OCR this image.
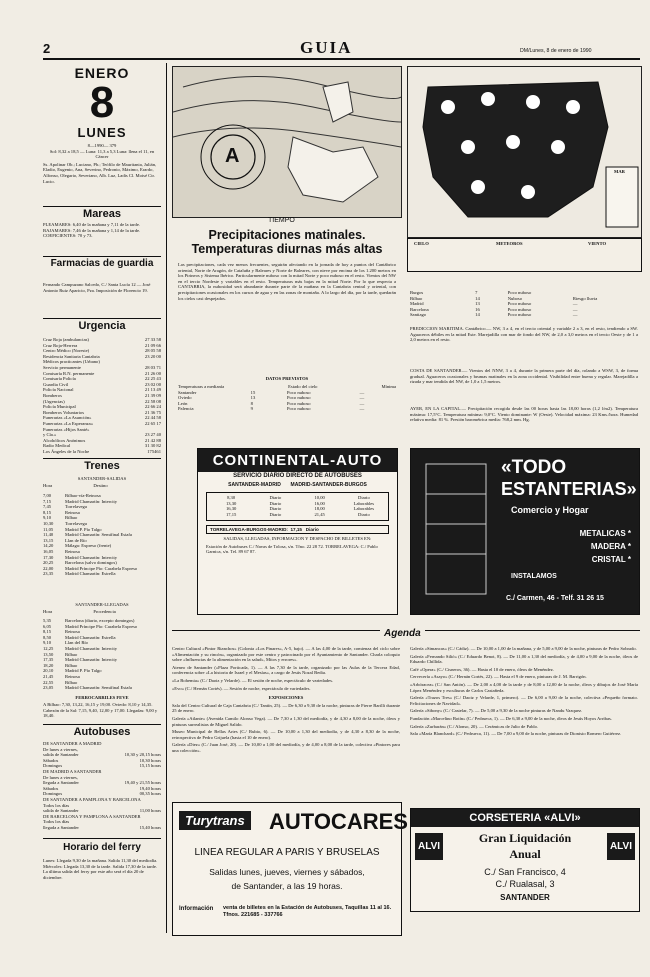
2	GUIA	DM/Lunes, 8 de enero de 1990
ENERO
8
LUNES
8—1990— 379
Sol: 8,32 a 18,5 — Luna: 11,3 a 5,3 Luna: llena el 11, en Cáncer
Ss. Apolinar Ob.; Luciano, Pb.; Teófilo de Mauritania, Julián, Eladio, Eugenio, Ana, Severino, Pedronio, Máximo, Erardo, Alfonso, Olegario, Severiano, Alb. Luz, Ladis Cl. Moisé Cir. Lucio.
Mareas
PLEAMARES: 6,40 de la mañana y 7,11 de la tarde.
BAJAMARES: 7,46 de la mañana y 1,14 de la tarde.
COEFICIENTES: 70 y 73.
Farmacias de guardia
Fernando Campuzano Salcedo, C./ Santa Lucía 12 — José Antonio Ruiz Aparicio, Pza. Imposición de Florencio 19.
Urgencia
Cruz Roja (ambulancias)	27 33 58
Cruz Roja-Herrera	21 09 66
Centro Médico (Noreste)	28 05 58
Residencia Sanitaria Cantabria	23 20 00
Médicos practicantes (Urbano)
Servicio permanente	28 03 71
Comisaría R.N. permanente	21 26 00
Comisaría Policía	22 25 43
Guardia Civil	23 02 00
Policía Nacional	21 13 49
Bomberos	21 39 09
(Urgencias)	22 58 08
Policía Municipal	22 66 24
Bomberos Voluntarios	21 36 75
Funerarias «La Asunción»	22 44 58
Funerarias «La Esperanza»	22 65 17
Funerarias «Hijos Santé»
y Cía.»	23 27 40
Alcohólicos Anónimos	21 42 88
Radio Medical	31 30 82
Los Ángeles de la Noche	175461
Trenes
SANTANDER-SALIDAS
Hora	Destino
7,00	Bilbao-vía-Reinosa
7,15	Madrid Chamartín: Intercity
7,45	Torrelavega
8,15	Reinosa
9,10	Bilbao
10,30	Torrelavega
11,05	Madrid P. Pío Talgo
11,40	Madrid Chamartín: Semifinal Estafa
13,15	Llan de Río
14,20	Málaga: Expreso (frente)
16,05	Reinosa
17,30	Madrid Chamartín: Intercity
20,25	Barcelona (salvo domingos)
22,00	Madrid Príncipe Pío: Carabela Expreso
23,35	Madrid Chamartín: Estrella
SANTANDER-LLEGADAS
Hora	Procedencia
5,35	Barcelona (diario, excepto domingos)
6,05	Madrid Príncipe Pío: Carabela Expreso
8,15	Reinosa
8,50	Madrid Chamartín: Estrella
9,10	Llan del Río
12,25	Madrid Chamartín: Intercity
13,50	Bilbao
17,35	Madrid Chamartín: Intercity
18,20	Bilbao
20,10	Madrid P. Pío Talgo
21,45	Reinosa
22,55	Bilbao
23,05	Madrid Chamartín: Semifinal Estafa
FERROCARRILES FEVE
A Bilbao: 7,30, 13,22, 16,15 y 19,00. Oviedo: 8,10 y 14,35. Cabezón de la Sal: 7,15, 9,40, 12,00 y 17,00. Llegadas: 9,00 y 18,40.
Autobuses
DE SANTANDER A MADRID
De lunes a viernes,
salida de Santander	10,30 y 20,15 horas
Sábados	10,30 horas
Domingos	15,15 horas
DE MADRID A SANTANDER
De lunes a viernes,
llegada a Santander	19,40 y 21,55 horas
Sábados	19,40 horas
Domingos	00,35 horas
DE SANTANDER A PAMPLONA Y BARCELONA
Todos los días
salida de Santander	11,00 horas
DE BARCELONA Y PAMPLONA A SANTANDER
Todos los días
llegada a Santander	15,40 horas
Horario del ferry
Lunes: Llegada 9,30 de la mañana. Salida 11,30 del mediodía.
Miércoles: Llegada 13,30 de la tarde. Salida 17,30 de la tarde.
La última salida del ferry por este año será el día 20 de diciembre.
A
TIEMPO
Precipitaciones matinales. Temperaturas diurnas más altas
Las precipitaciones, cada vez menos frecuentes, seguirán afectando en la jornada de hoy a puntos del Cantábrico oriental, Norte de Aragón, de Cataluña y Baleares y Norte de Baleares, con nieve por encima de los 1.200 metros en los Pirineos y Sistema Ibérico. Particularmente nuboso con la mitad Norte y poco nuboso en el resto. Vientos del NW en el tercio Nordeste y variables en el resto. Temperaturas más bajas en la mitad Norte. Por lo que respecta a CANTABRIA, la nubosidad será abundante durante parte de la mañana en la Cantabria central y oriental, con precipitaciones ocasionales en los cursos de agua y en las zonas de montaña. A lo largo del día, por la tarde, quedarán los cielos casi despejados.
DATOS PREVISTOS
Temperaturas a medianía	Estado del cielo	Mínima
Santander	15	Poco nuboso	—
Oviedo	13	Poco nuboso	—
León	8	Poco nuboso	—
Palencia	9	Poco nuboso	—
MAR
CIELO	METEOROS	VIENTO
Burgos	7	Poco nuboso
Bilbao	14	Nuboso	Riesgo lluvia
Madrid	13	Poco nuboso	—
Barcelona	16	Poco nuboso	—
Santiago	14	Poco nuboso	—
PREDICCION MARITIMA. Cantábrico.— NW, 3 a 4, en el tercio oriental y variable 2 a 3, en el resto, tendiendo a SW. Aguaceros débiles en la mitad Este. Marejadilla con mar de fondo del NW, de 2,0 a 3,0 metros en el tercio Oeste y de 1 a 2,0 metros en el resto.
COSTA DE SANTANDER.— Vientos del NNW, 3 a 4, durante la primera parte del día, rolando a WSW, 3, de forma gradual. Aguaceros ocasionales y brumas matinales en la zona occidental. Visibilidad entre buena y regular. Marejadilla a rizada y mar tendida del NW, de 1,0 a 1,5 metros.
AYER, EN LA CAPITAL.— Precipitación recogida desde las 00 horas hasta las 18,00 horas (1,2 l/m2). Temperatura máxima: 17,5°C. Temperatura mínima: 9,0°C. Viento dominante: W (Oeste). Velocidad máxima: 23 Kms./hora. Humedad relativa media: 81 %. Presión barométrica media: 768,2 mm. Hg.
CONTINENTAL-AUTO
SERVICIO DIARIO DIRECTO DE AUTOBUSES
SANTANDER-MADRID       MADRID-SANTANDER-BURGOS
8,30	Diario	10,00	Diario
13,30	Diario	16,00	Laborables
16,30	Diario	18,00	Laborables
17,15	Diario	21,45	Diario
TORRELAVEGA-BURGOS-MADRID:  17,15   Diario
SALIDAS, LLEGADAS, INFORMACION Y DESPACHO DE BILLETES EN:
Estación de Autobuses C./ Navas de Tolosa, s/n. Tfno. 22 28 72. TORRELAVEGA: C./ Pablo Garnica, s/n. Tel. 89 67 87.
«TODO
ESTANTERIAS»
Comercio y Hogar
METALICAS *
MADERA *
CRISTAL *
INSTALAMOS
C./ Carmen, 46 - Telf. 31 26 15
Agenda
Centro Cultural «Pintor Rianchos» (Colonia «Los Pinares», A-5, bajo). — A las 4,00 de la tarde, comienza del ciclo sobre «Alimentación y su rincón», organizado por este centro y patrocinado por el Ayuntamiento de Santander. Charla coloquio sobre «Influencias de la alimentación en la salud», Mitos y errores».
Ateneo de Santander («Plaza Porticada, 1). — A las 7,30 de la tarde, organizado por las Aulas de la Tercera Edad, conferencia sobre «La historia de Israel y el Mesías», a cargo de Jesús Nozal Bedia.
«La Bohemia» (C./ Daoiz y Velarde). — El sesión de noche, espectáculo de variedades.
«Evo» (C./ Hernán Cortés). — Sesión de noche, espectáculo de variedades.
EXPOSICIONES
Sala del Centro Cultural de Caja Cantabria (C./ Tantín, 25). — De 6,30 a 9,30 de la noche, pinturas de Fierre Barilli durante 25 de enero.
Galería «Atlante» (Avenida Camilo Alonso Vega). — De 7,30 a 1,30 del mediodía, y de 4,30 a 8,00 de la noche, óleos y pinturas surrealistas de Miguel Salido.
Museo Municipal de Bellas Artes (C./ Rubio, 6). — De 10,00 a 1,30 del mediodía, y de 4,30 a 8,30 de la noche, retrospectiva de Pedro Grijuela (hasta el 10 de enero).
Galería «Diez» (C./ Juan José, 20). — De 10,00 a 1,00 del mediodía, y de 4,00 a 8,00 de la tarde, colectiva «Pintores para una colección».
Galería «Simancas» (C./ Cádiz). — De 10,00 a 1,00 de la mañana, y de 5,00 a 9,00 de la noche, pinturas de Pedro Sobrado.
Galería «Fernando Silió» (C./ Eduardo Benot, 8). — De 11,00 a 1,30 del mediodía, y de 4,00 a 9,00 de la noche, óleos de Eduardo Chillida.
Café «Opera» (C./ Cisneros, 36). — Hasta el 10 de enero, óleos de Menéndez.
Cervecería «Asayo» (C./ Hernán Cortés, 22). — Hasta el 9 de enero, pinturas de J. M. Barrigón.
«Arbóracea» (C./ San Antón). — De 2,00 a 4,00 de la tarde y de 8,00 a 12,00 de la noche, óleos y dibujos de José María López Menéndez y esculturas de Carlos Castañeda.
Galería «Trazos Tres» (C./ Daoiz y Velarde, 1, primero). — De 6,00 a 9,00 de la noche, colectiva «Pequeño formato. Felicitaciones de Navidad».
Galería «Sibony» (C./ Castelar, 7). — De 5,00 a 9,30 de la noche pinturas de Nandu Vazquez.
Fundación «Marcelino Botín» (C./ Pedrueca, 1). — De 6,30 a 9,00 de la noche, óleos de Jesús Hoyos Arribas.
Galería «Zurbarán» (C./ Alonso, 20). — Cerámicas de Julio de Pablo.
Sala «María Blanchard» (C./ Pedrueca, 11). — De 7,00 a 9,00 de la noche, pinturas de Dionisio Romero Gutiérrez.
Turytrans AUTOCARES
LINEA REGULAR A PARIS Y BRUSELAS
Salidas lunes, jueves, viernes y sábados,
de Santander, a las 19 horas.
Información venta de billetes en la Estación de Autobuses, Taquillas 11 al 16. Tfnos. 221685 - 337766
CORSETERIA «ALVI»
ALVI	ALVI
Gran Liquidación
Anual
C./ San Francisco, 4
C./ Rualasal, 3
SANTANDER
